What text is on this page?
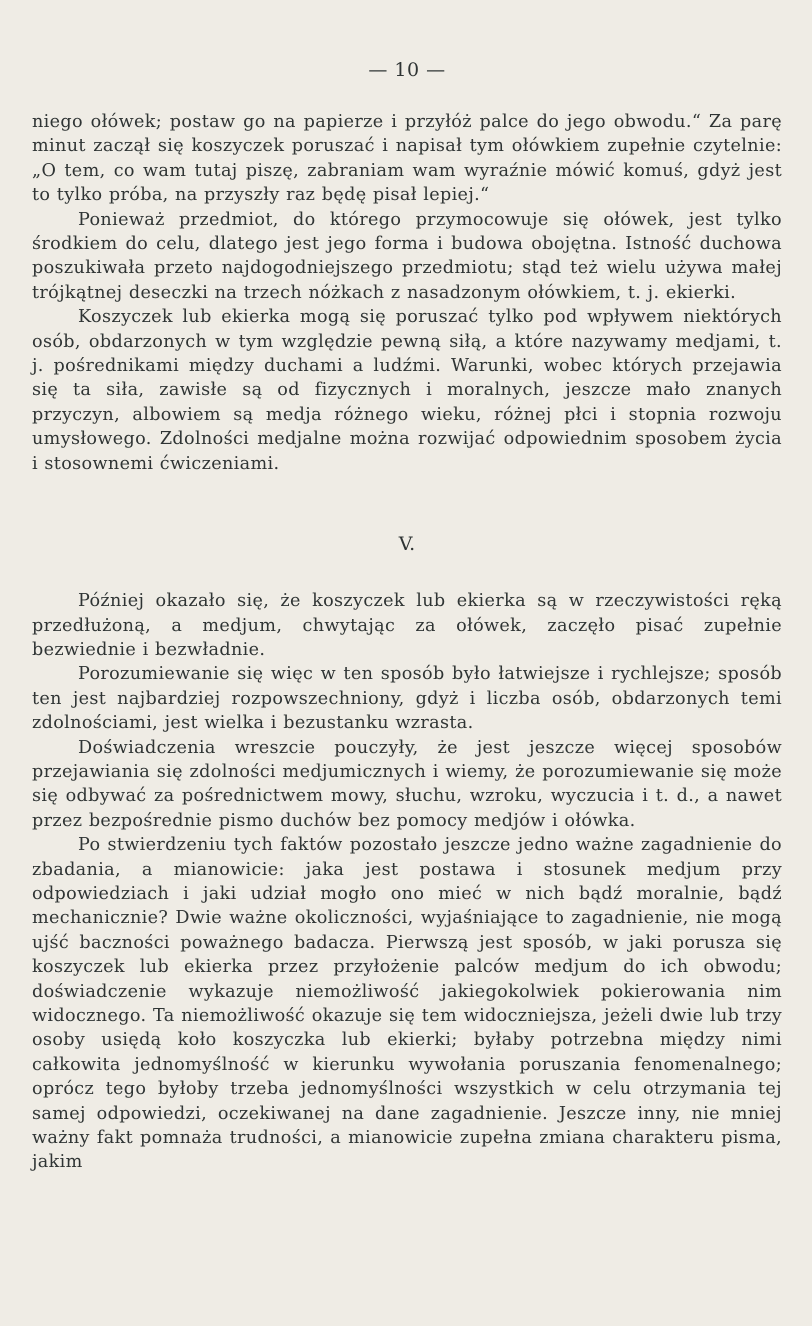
— 10 —

niego ołówek; postaw go na papierze i przyłóż palce do jego obwodu.“ Za parę minut zaczął się koszyczek poruszać i napisał tym ołówkiem zupełnie czytelnie: „O tem, co wam tutaj piszę, zabraniam wam wyraźnie mówić komuś, gdyż jest to tylko próba, na przyszły raz będę pisał lepiej.“

Ponieważ przedmiot, do którego przymocowuje się ołówek, jest tylko środkiem do celu, dlatego jest jego forma i budowa obojętna. Istność duchowa poszukiwała przeto najdogodniejszego przedmiotu; stąd też wielu używa małej trójkątnej deseczki na trzech nóżkach z nasadzonym ołówkiem, t. j. ekierki.

Koszyczek lub ekierka mogą się poruszać tylko pod wpływem niektórych osób, obdarzonych w tym względzie pewną siłą, a które nazywamy medjami, t. j. pośrednikami między duchami a ludźmi. Warunki, wobec których przejawia się ta siła, zawisłe są od fizycznych i moralnych, jeszcze mało znanych przyczyn, albowiem są medja różnego wieku, różnej płci i stopnia rozwoju umysłowego. Zdolności medjalne można rozwijać odpowiednim sposobem życia i stosownemi ćwiczeniami.

V.

Później okazało się, że koszyczek lub ekierka są w rzeczywistości ręką przedłużoną, a medjum, chwytając za ołówek, zaczęło pisać zupełnie bezwiednie i bezwładnie.

Porozumiewanie się więc w ten sposób było łatwiejsze i rychlejsze; sposób ten jest najbardziej rozpowszechniony, gdyż i liczba osób, obdarzonych temi zdolnościami, jest wielka i bezustanku wzrasta.

Doświadczenia wreszcie pouczyły, że jest jeszcze więcej sposobów przejawiania się zdolności medjumicznych i wiemy, że porozumiewanie się może się odbywać za pośrednictwem mowy, słuchu, wzroku, wyczucia i t. d., a nawet przez bezpośrednie pismo duchów bez pomocy medjów i ołówka.

Po stwierdzeniu tych faktów pozostało jeszcze jedno ważne zagadnienie do zbadania, a mianowicie: jaka jest postawa i stosunek medjum przy odpowiedziach i jaki udział mogło ono mieć w nich bądź moralnie, bądź mechanicznie? Dwie ważne okoliczności, wyjaśniające to zagadnienie, nie mogą ujść baczności poważnego badacza. Pierwszą jest sposób, w jaki porusza się koszyczek lub ekierka przez przyłożenie palców medjum do ich obwodu; doświadczenie wykazuje niemożliwość jakiegokolwiek pokierowania nim widocznego. Ta niemożliwość okazuje się tem widoczniejsza, jeżeli dwie lub trzy osoby usiędą koło koszyczka lub ekierki; byłaby potrzebna między nimi całkowita jednomyślność w kierunku wywołania poruszania fenomenalnego; oprócz tego byłoby trzeba jednomyślności wszystkich w celu otrzymania tej samej odpowiedzi, oczekiwanej na dane zagadnienie. Jeszcze inny, nie mniej ważny fakt pomnaża trudności, a mianowicie zupełna zmiana charakteru pisma, jakim
